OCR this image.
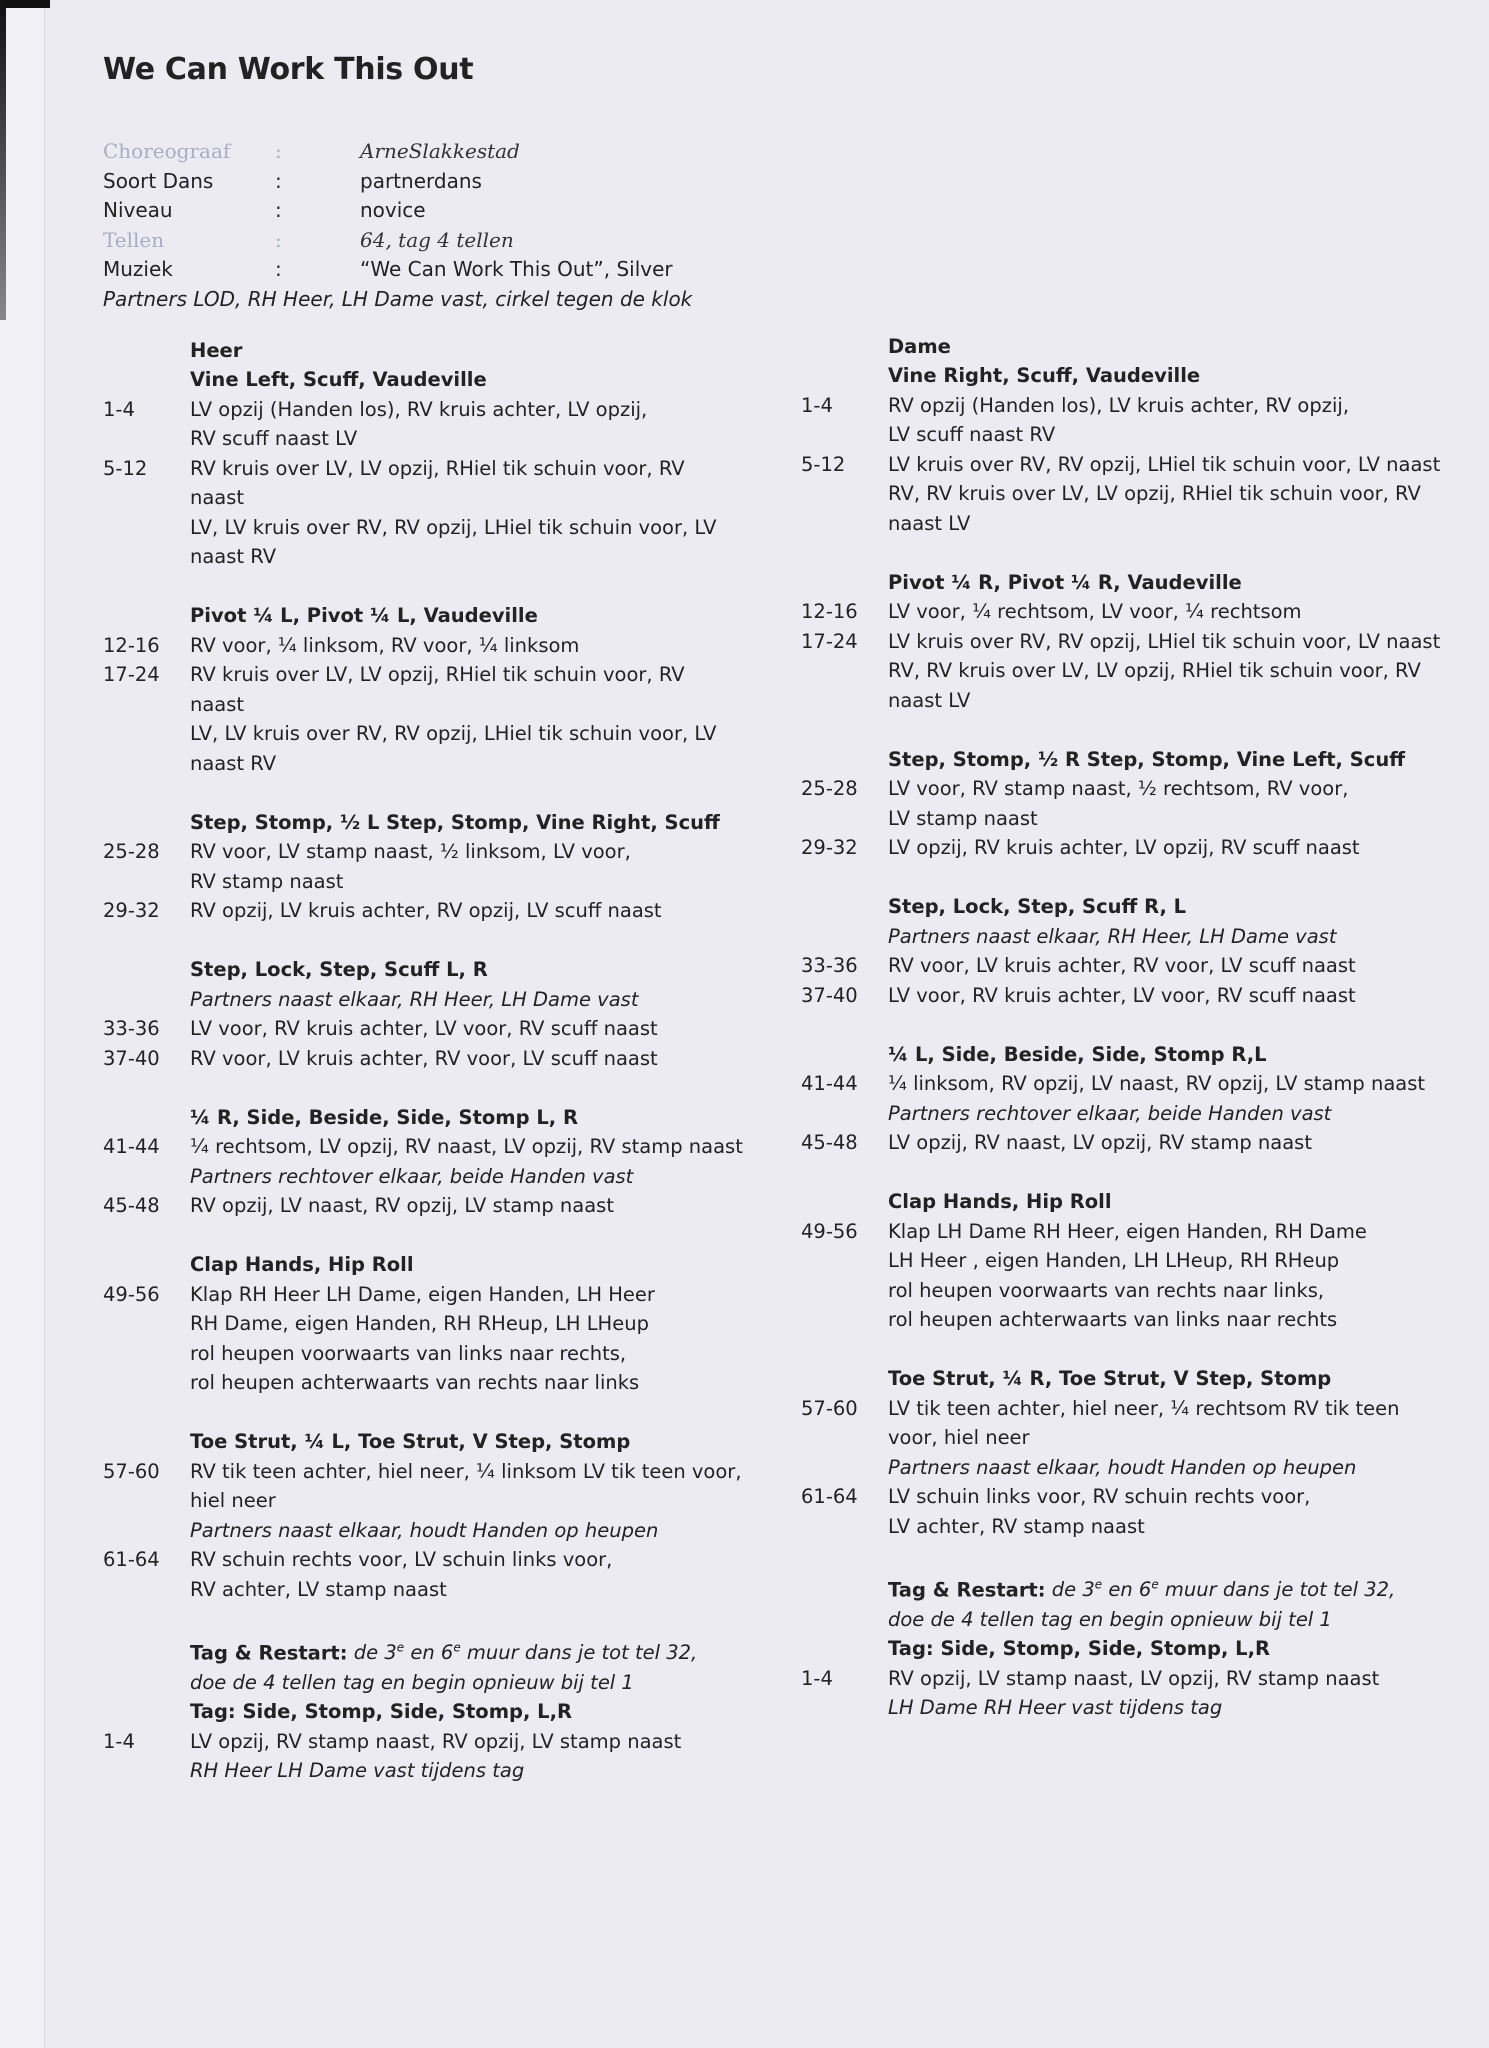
We Can Work This Out
Choreograaf :	ArneSlakkestad
Soort Dans	:	partnerdans
Niveau	:	novice
Tellen	:	64, tag 4 tellen
Muziek	:	“We Can Work This Out”, Silver
Partners LOD, RH Heer, LH Dame vast, cirkel tegen de klok
Heer
Vine Left, Scuff, Vaudeville
1-4	LV opzij (Handen los), RV kruis achter, LV opzij,
RV scuff naast LV
5-12 RV kruis over LV, LV opzij, RHiel tik schuin voor, RV naast
LV, LV kruis over RV, RV opzij, LHiel tik schuin voor, LV
naast RV
Pivot ¼ L, Pivot ¼ L, Vaudeville
12-16 RV voor, ¼ linksom, RV voor, ¼ linksom
17-24 RV kruis over LV, LV opzij, RHiel tik schuin voor, RV naast
LV, LV kruis over RV, RV opzij, LHiel tik schuin voor, LV
naast RV
Step, Stomp, ½ L Step, Stomp, Vine Right, Scuff
25-28 RV voor, LV stamp naast, ½ linksom, LV voor,
RV stamp naast
29-32 RV opzij, LV kruis achter, RV opzij, LV scuff naast
Step, Lock, Step, Scuff L, R
Partners naast elkaar, RH Heer, LH Dame vast
33-36 LV voor, RV kruis achter, LV voor, RV scuff naast
37-40 RV voor, LV kruis achter, RV voor, LV scuff naast
¼ R, Side, Beside, Side, Stomp L, R
41-44 ¼ rechtsom, LV opzij, RV naast, LV opzij, RV stamp naast
Partners rechtover elkaar, beide Handen vast
45-48 RV opzij, LV naast, RV opzij, LV stamp naast
Clap Hands, Hip Roll
49-56 Klap RH Heer LH Dame, eigen Handen, LH Heer
RH Dame, eigen Handen, RH RHeup, LH LHeup
rol heupen voorwaarts van links naar rechts,
rol heupen achterwaarts van rechts naar links
Toe Strut, ¼ L, Toe Strut, V Step, Stomp
57-60 RV tik teen achter, hiel neer, ¼ linksom LV tik teen voor,
hiel neer
Partners naast elkaar, houdt Handen op heupen
61-64 RV schuin rechts voor, LV schuin links voor,
RV achter, LV stamp naast
Tag & Restart: de 3e en 6e muur dans je tot tel 32,
doe de 4 tellen tag en begin opnieuw bij tel 1
Tag: Side, Stomp, Side, Stomp, L,R
1-4	LV opzij, RV stamp naast, RV opzij, LV stamp naast
RH Heer LH Dame vast tijdens tag
Dame
Vine Right, Scuff, Vaudeville
1-4	RV opzij (Handen los), LV kruis achter, RV opzij,
LV scuff naast RV
5-12 LV kruis over RV, RV opzij, LHiel tik schuin voor, LV naast
RV, RV kruis over LV, LV opzij, RHiel tik schuin voor, RV
naast LV
Pivot ¼ R, Pivot ¼ R, Vaudeville
12-16 LV voor, ¼ rechtsom, LV voor, ¼ rechtsom
17-24 LV kruis over RV, RV opzij, LHiel tik schuin voor, LV naast
RV, RV kruis over LV, LV opzij, RHiel tik schuin voor, RV
naast LV
Step, Stomp, ½ R Step, Stomp, Vine Left, Scuff
25-28 LV voor, RV stamp naast, ½ rechtsom, RV voor,
LV stamp naast
29-32 LV opzij, RV kruis achter, LV opzij, RV scuff naast
Step, Lock, Step, Scuff R, L
Partners naast elkaar, RH Heer, LH Dame vast
33-36 RV voor, LV kruis achter, RV voor, LV scuff naast
37-40 LV voor, RV kruis achter, LV voor, RV scuff naast
¼ L, Side, Beside, Side, Stomp R,L
41-44 ¼ linksom, RV opzij, LV naast, RV opzij, LV stamp naast
Partners rechtover elkaar, beide Handen vast
45-48 LV opzij, RV naast, LV opzij, RV stamp naast
Clap Hands, Hip Roll
49-56 Klap LH Dame RH Heer, eigen Handen, RH Dame
LH Heer , eigen Handen, LH LHeup, RH RHeup
rol heupen voorwaarts van rechts naar links,
rol heupen achterwaarts van links naar rechts
Toe Strut, ¼ R, Toe Strut, V Step, Stomp
57-60 LV tik teen achter, hiel neer, ¼ rechtsom RV tik teen
voor, hiel neer
Partners naast elkaar, houdt Handen op heupen
61-64 LV schuin links voor, RV schuin rechts voor,
LV achter, RV stamp naast
Tag & Restart: de 3e en 6e muur dans je tot tel 32,
doe de 4 tellen tag en begin opnieuw bij tel 1
Tag: Side, Stomp, Side, Stomp, L,R
1-4	RV opzij, LV stamp naast, LV opzij, RV stamp naast
LH Dame RH Heer vast tijdens tag
